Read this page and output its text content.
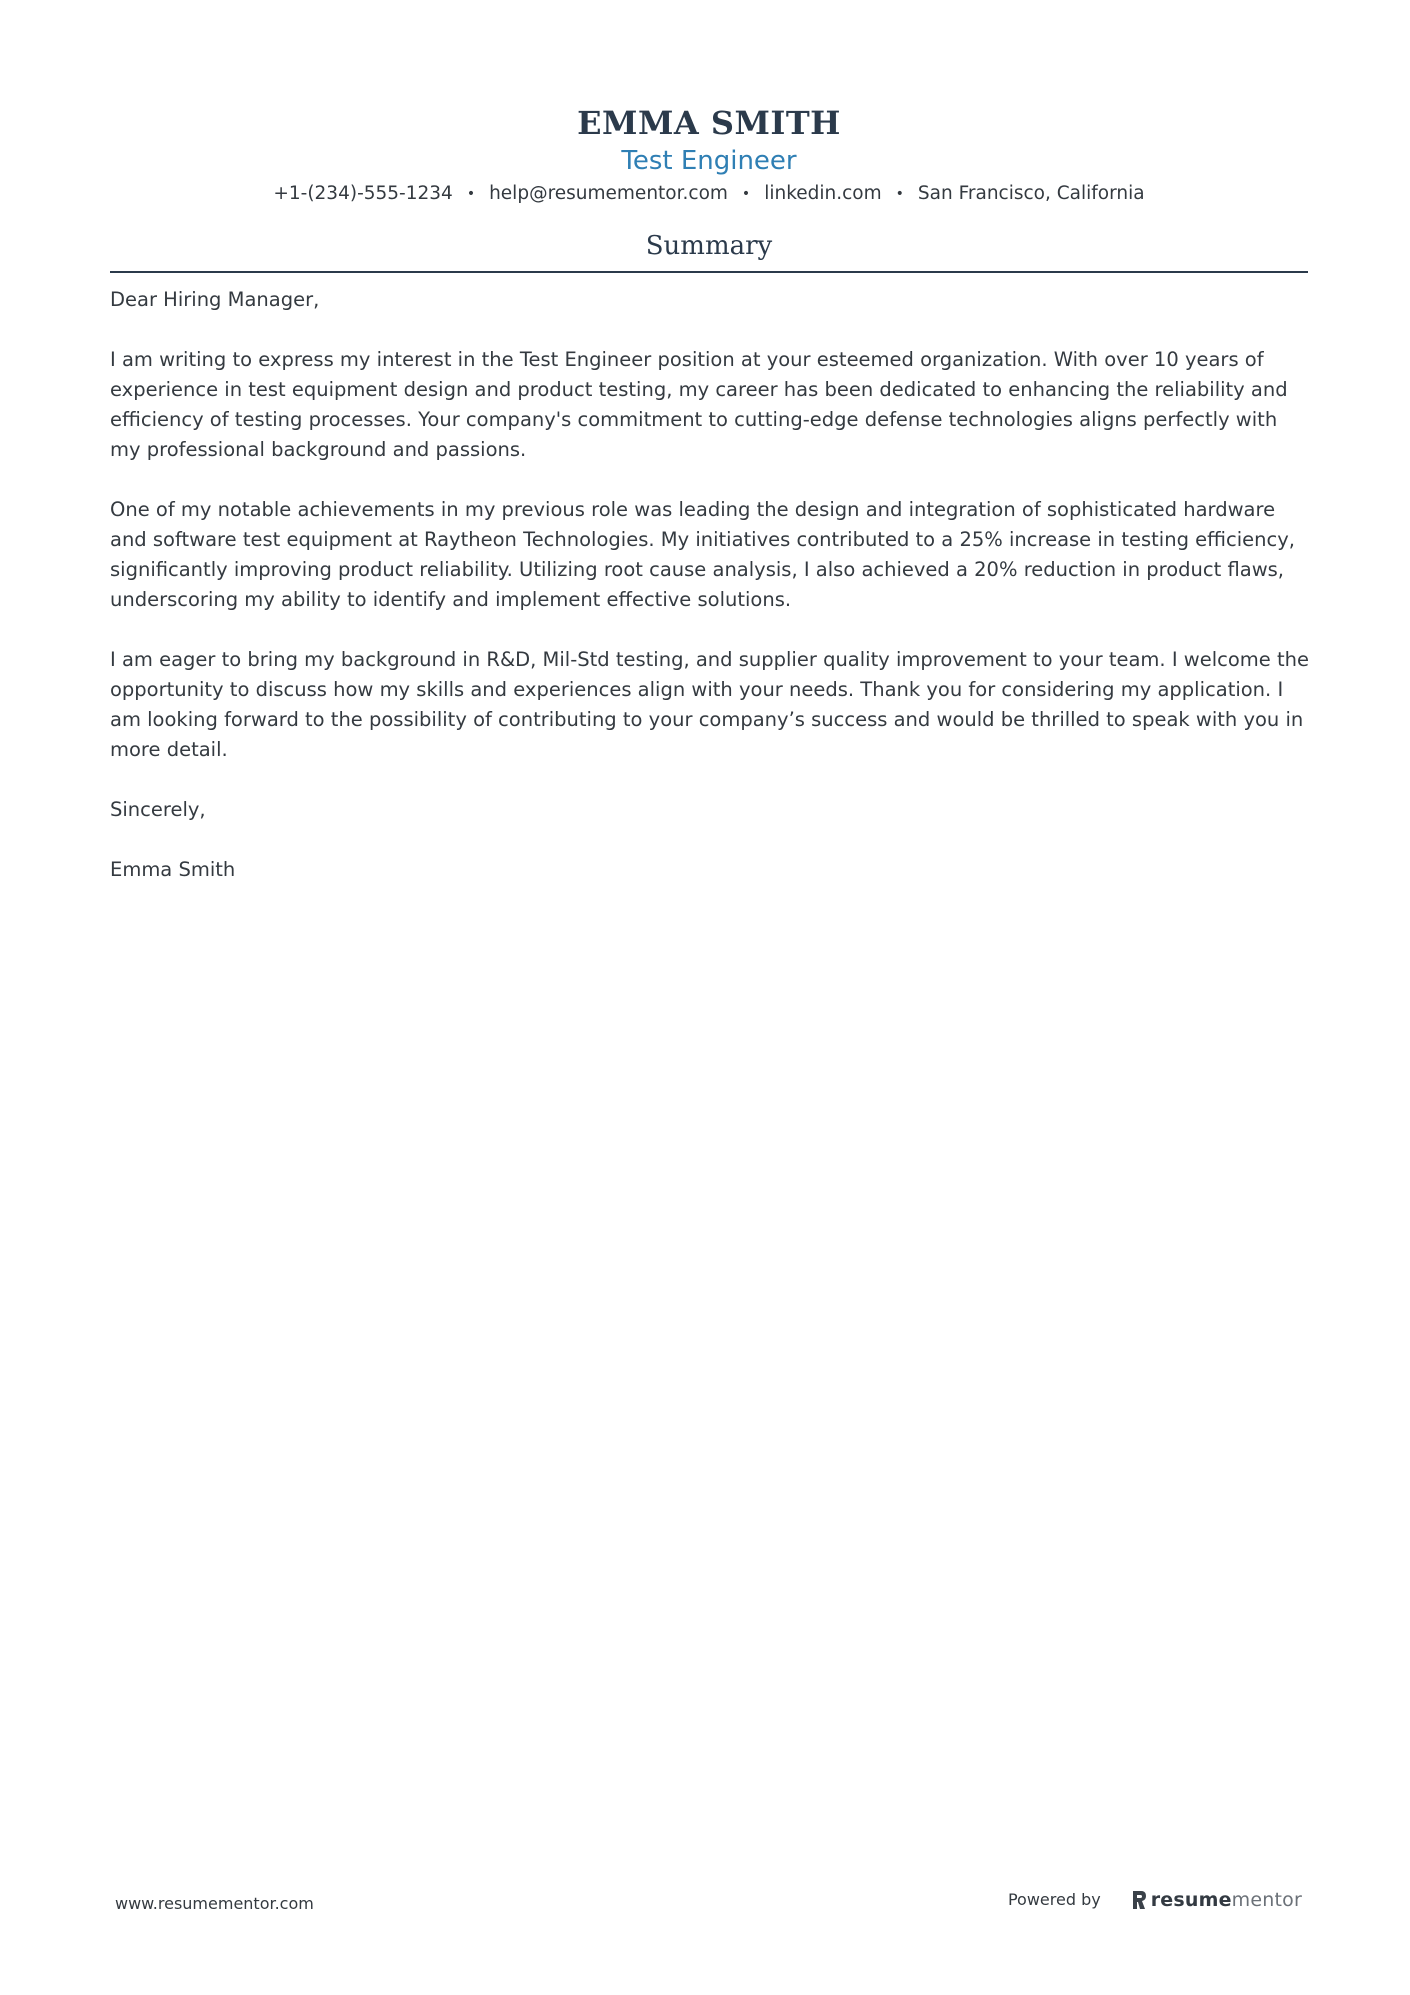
EMMA SMITH
Test Engineer
+1-(234)-555-1234 • help@resumementor.com • linkedin.com • San Francisco, California
Summary

Dear Hiring Manager,

I am writing to express my interest in the Test Engineer position at your esteemed organization. With over 10 years of experience in test equipment design and product testing, my career has been dedicated to enhancing the reliability and efficiency of testing processes. Your company's commitment to cutting-edge defense technologies aligns perfectly with my professional background and passions.

One of my notable achievements in my previous role was leading the design and integration of sophisticated hardware and software test equipment at Raytheon Technologies. My initiatives contributed to a 25% increase in testing efficiency, significantly improving product reliability. Utilizing root cause analysis, I also achieved a 20% reduction in product flaws, underscoring my ability to identify and implement effective solutions.

I am eager to bring my background in R&D, Mil-Std testing, and supplier quality improvement to your team. I welcome the opportunity to discuss how my skills and experiences align with your needs. Thank you for considering my application. I am looking forward to the possibility of contributing to your company’s success and would be thrilled to speak with you in more detail.

Sincerely,

Emma Smith

www.resumementor.com	Powered by	resume mentor
